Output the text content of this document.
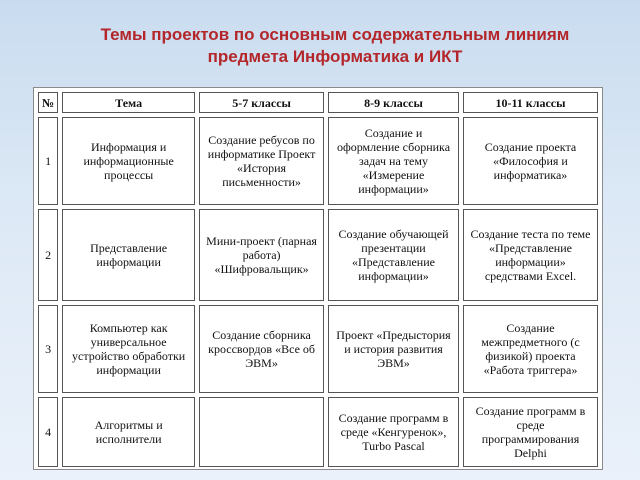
Темы проектов по основным содержательным линиям
предмета Информатика и ИКТ
№	Тема	5-7 классы	8-9 классы	10-11 классы
1	Информация и информационные процессы	Создание ребусов по информатике Проект «История письменности»	Создание и оформление сборника задач на тему «Измерение информации»	Создание проекта «Философия и информатика»
2	Представление информации	Мини-проект (парная работа) «Шифровальщик»	Создание обучающей презентации «Представление информации»	Создание теста по теме «Представление информации» средствами Excel.
3	Компьютер как универсальное устройство обработки информации	Создание сборника кроссвордов «Все об ЭВМ»	Проект «Предыстория и история развития ЭВМ»	Создание межпредметного (с физикой) проекта «Работа триггера»
4	Алгоритмы и исполнители		Создание программ в среде «Кенгуренок», Turbo Pascal	Создание программ в среде программирования Delphi
